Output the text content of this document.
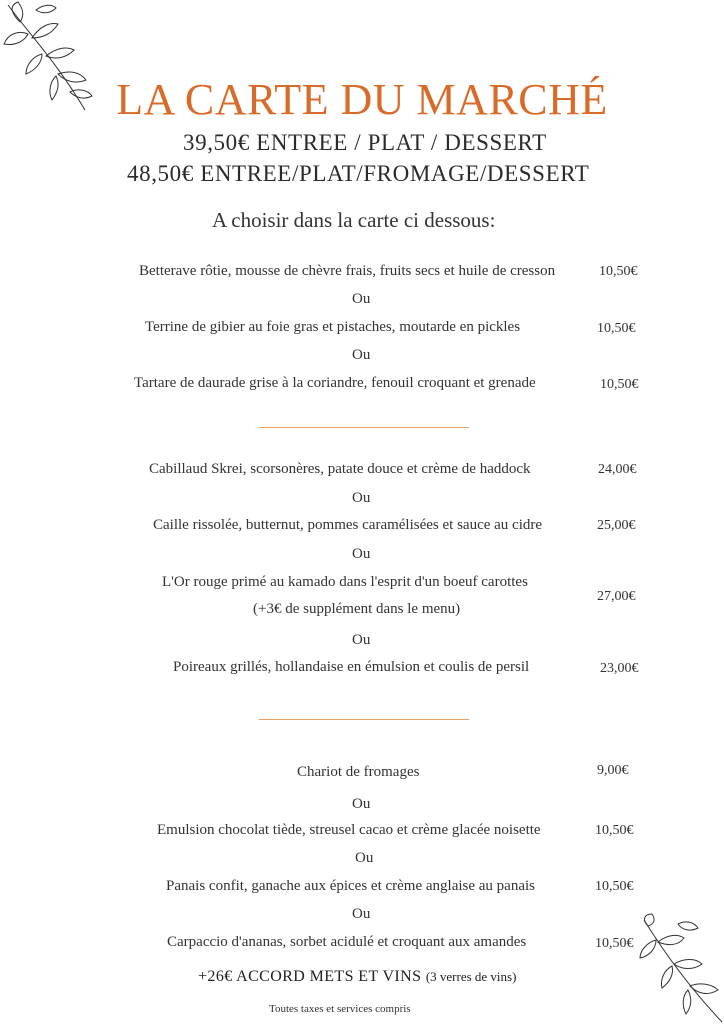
LA CARTE DU MARCHÉ
39,50€ ENTREE / PLAT / DESSERT
48,50€ ENTREE/PLAT/FROMAGE/DESSERT
A choisir dans la carte ci dessous:
Betterave rôtie, mousse de chèvre frais, fruits secs et huile de cresson	10,50€
Ou
Terrine de gibier au foie gras et pistaches, moutarde en pickles	10,50€
Ou
Tartare de daurade grise à la coriandre, fenouil croquant et grenade	10,50€
Cabillaud Skrei, scorsonères, patate douce et crème de haddock	24,00€
Ou
Caille rissolée, butternut, pommes caramélisées et sauce au cidre	25,00€
Ou
L'Or rouge primé au kamado dans l'esprit d'un boeuf carottes
(+3€ de supplément dans le menu)
27,00€
Ou
Poireaux grillés, hollandaise en émulsion et coulis de persil	23,00€
Chariot de fromages	9,00€
Ou
Emulsion chocolat tiède, streusel cacao et crème glacée noisette	10,50€
Ou
Panais confit, ganache aux épices et crème anglaise au panais	10,50€
Ou
Carpaccio d'ananas, sorbet acidulé et croquant aux amandes	10,50€
+26€ ACCORD METS ET VINS (3 verres de vins)
Toutes taxes et services compris
